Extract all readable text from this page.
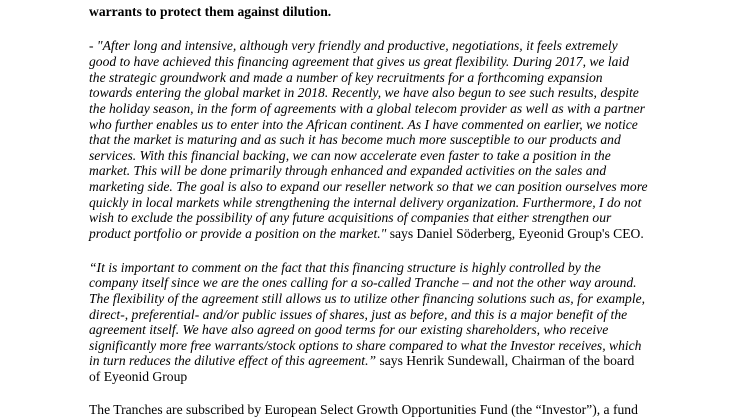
warrants to protect them against dilution.
- "After long and intensive, although very friendly and productive, negotiations, it feels extremely
good to have achieved this financing agreement that gives us great flexibility. During 2017, we laid
the strategic groundwork and made a number of key recruitments for a forthcoming expansion
towards entering the global market in 2018. Recently, we have also begun to see such results, despite
the holiday season, in the form of agreements with a global telecom provider as well as with a partner
who further enables us to enter into the African continent. As I have commented on earlier, we notice
that the market is maturing and as such it has become much more susceptible to our products and
services. With this financial backing, we can now accelerate even faster to take a position in the
market. This will be done primarily through enhanced and expanded activities on the sales and
marketing side. The goal is also to expand our reseller network so that we can position ourselves more
quickly in local markets while strengthening the internal delivery organization. Furthermore, I do not
wish to exclude the possibility of any future acquisitions of companies that either strengthen our
product portfolio or provide a position on the market." says Daniel Söderberg, Eyeonid Group's CEO.
“It is important to comment on the fact that this financing structure is highly controlled by the
company itself since we are the ones calling for a so-called Tranche – and not the other way around.
The flexibility of the agreement still allows us to utilize other financing solutions such as, for example,
direct-, preferential- and/or public issues of shares, just as before, and this is a major benefit of the
agreement itself. We have also agreed on good terms for our existing shareholders, who receive
significantly more free warrants/stock options to share compared to what the Investor receives, which
in turn reduces the dilutive effect of this agreement.” says Henrik Sundewall, Chairman of the board
of Eyeonid Group
The Tranches are subscribed by European Select Growth Opportunities Fund (the “Investor”), a fund
